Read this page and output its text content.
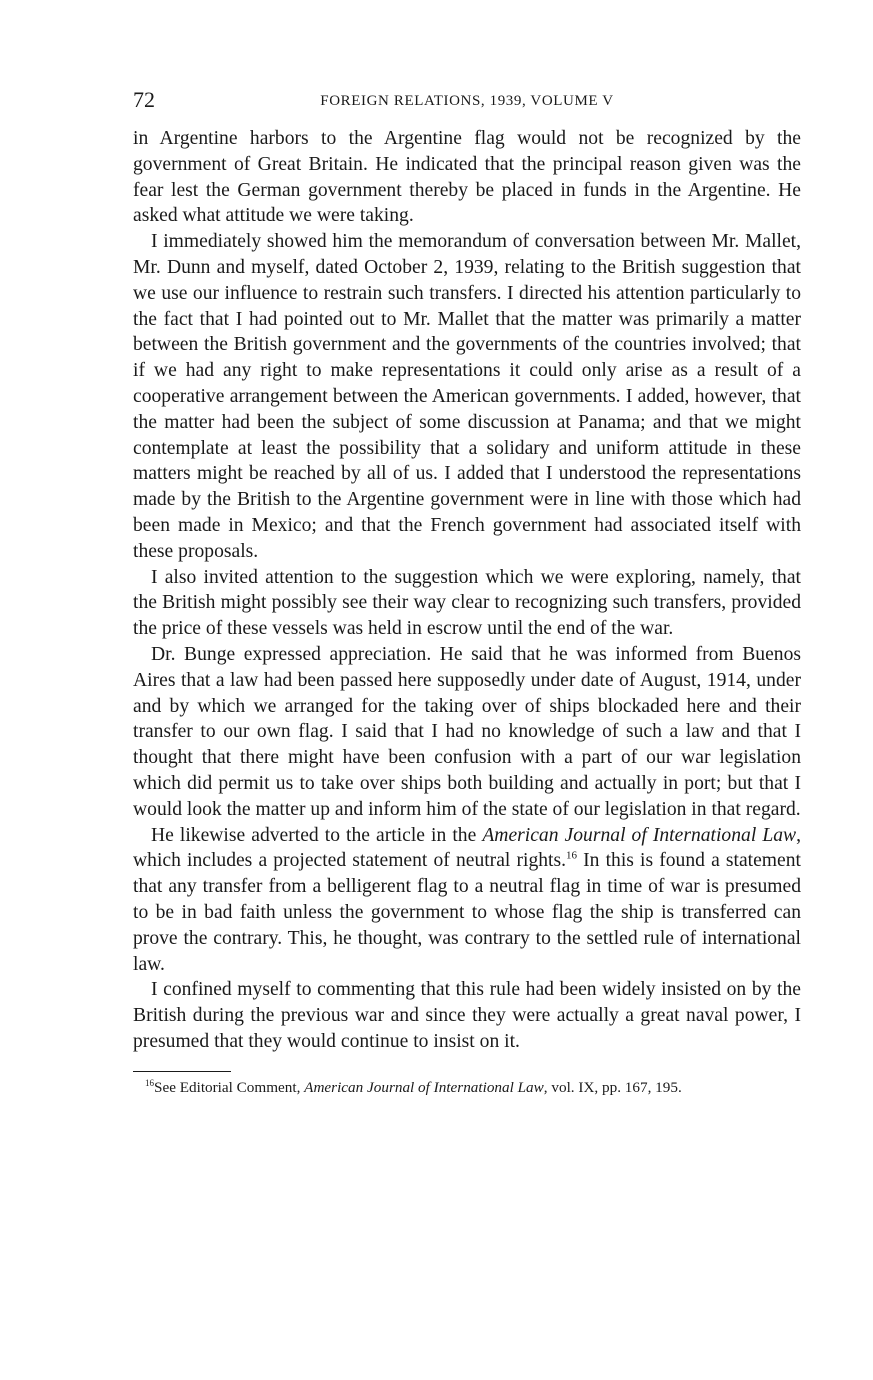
72	FOREIGN RELATIONS, 1939, VOLUME V

in Argentine harbors to the Argentine flag would not be recognized by the government of Great Britain. He indicated that the principal reason given was the fear lest the German government thereby be placed in funds in the Argentine. He asked what attitude we were taking.

I immediately showed him the memorandum of conversation between Mr. Mallet, Mr. Dunn and myself, dated October 2, 1939, relating to the British suggestion that we use our influence to restrain such transfers. I directed his attention particularly to the fact that I had pointed out to Mr. Mallet that the matter was primarily a matter between the British government and the governments of the countries involved; that if we had any right to make representations it could only arise as a result of a cooperative arrangement between the American governments. I added, however, that the matter had been the subject of some discussion at Panama; and that we might contemplate at least the possibility that a solidary and uniform attitude in these matters might be reached by all of us. I added that I understood the representations made by the British to the Argentine government were in line with those which had been made in Mexico; and that the French government had associated itself with these proposals.

I also invited attention to the suggestion which we were exploring, namely, that the British might possibly see their way clear to recognizing such transfers, provided the price of these vessels was held in escrow until the end of the war.

Dr. Bunge expressed appreciation. He said that he was informed from Buenos Aires that a law had been passed here supposedly under date of August, 1914, under and by which we arranged for the taking over of ships blockaded here and their transfer to our own flag. I said that I had no knowledge of such a law and that I thought that there might have been confusion with a part of our war legislation which did permit us to take over ships both building and actually in port; but that I would look the matter up and inform him of the state of our legislation in that regard.

He likewise adverted to the article in the American Journal of International Law, which includes a projected statement of neutral rights.$^{16}$ In this is found a statement that any transfer from a belligerent flag to a neutral flag in time of war is presumed to be in bad faith unless the government to whose flag the ship is transferred can prove the contrary. This, he thought, was contrary to the settled rule of international law.

I confined myself to commenting that this rule had been widely insisted on by the British during the previous war and since they were actually a great naval power, I presumed that they would continue to insist on it.

$^{16}$See Editorial Comment, American Journal of International Law, vol. IX, pp. 167, 195.
